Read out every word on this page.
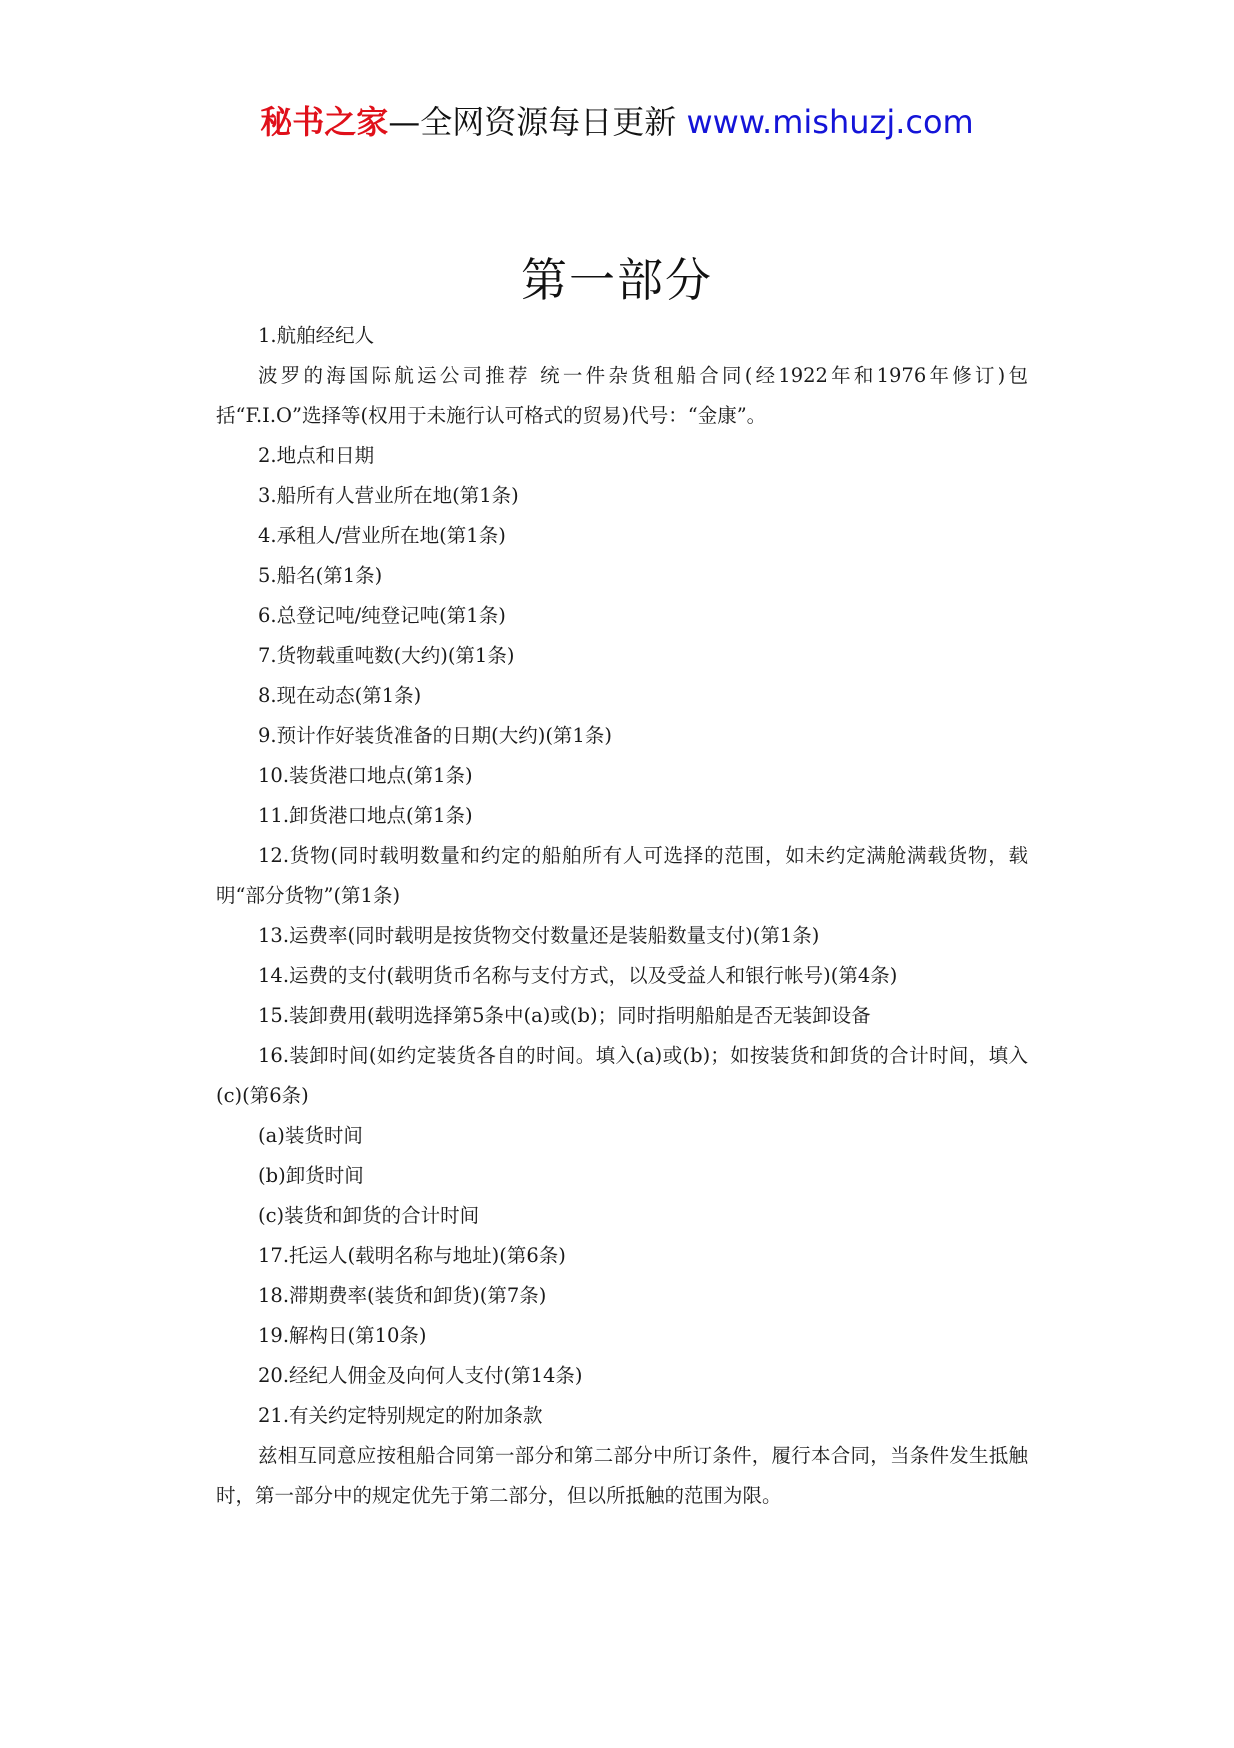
秘书之家—全网资源每日更新 www.mishuzj.com
第一部分

1.航舶经纪人

波罗的海国际航运公司推荐 统一件杂货租船合同(经1922年和1976年修订)包括“F.I.O”选择等(权用于未施行认可格式的贸易)代号：“金康”。

2.地点和日期

3.船所有人营业所在地(第1条)

4.承租人/营业所在地(第1条)

5.船名(第1条)

6.总登记吨/纯登记吨(第1条)

7.货物载重吨数(大约)(第1条)

8.现在动态(第1条)

9.预计作好装货准备的日期(大约)(第1条)

10.装货港口地点(第1条)

11.卸货港口地点(第1条)

12.货物(同时载明数量和约定的船舶所有人可选择的范围，如未约定满舱满载货物，载明“部分货物”(第1条)

13.运费率(同时载明是按货物交付数量还是装船数量支付)(第1条)

14.运费的支付(载明货币名称与支付方式，以及受益人和银行帐号)(第4条)

15.装卸费用(载明选择第5条中(a)或(b)；同时指明船舶是否无装卸设备

16.装卸时间(如约定装货各自的时间。填入(a)或(b)；如按装货和卸货的合计时间，填入(c)(第6条)

(a)装货时间

(b)卸货时间

(c)装货和卸货的合计时间

17.托运人(载明名称与地址)(第6条)

18.滞期费率(装货和卸货)(第7条)

19.解构日(第10条)

20.经纪人佣金及向何人支付(第14条)

21.有关约定特别规定的附加条款

兹相互同意应按租船合同第一部分和第二部分中所订条件，履行本合同，当条件发生抵触时，第一部分中的规定优先于第二部分，但以所抵触的范围为限。
